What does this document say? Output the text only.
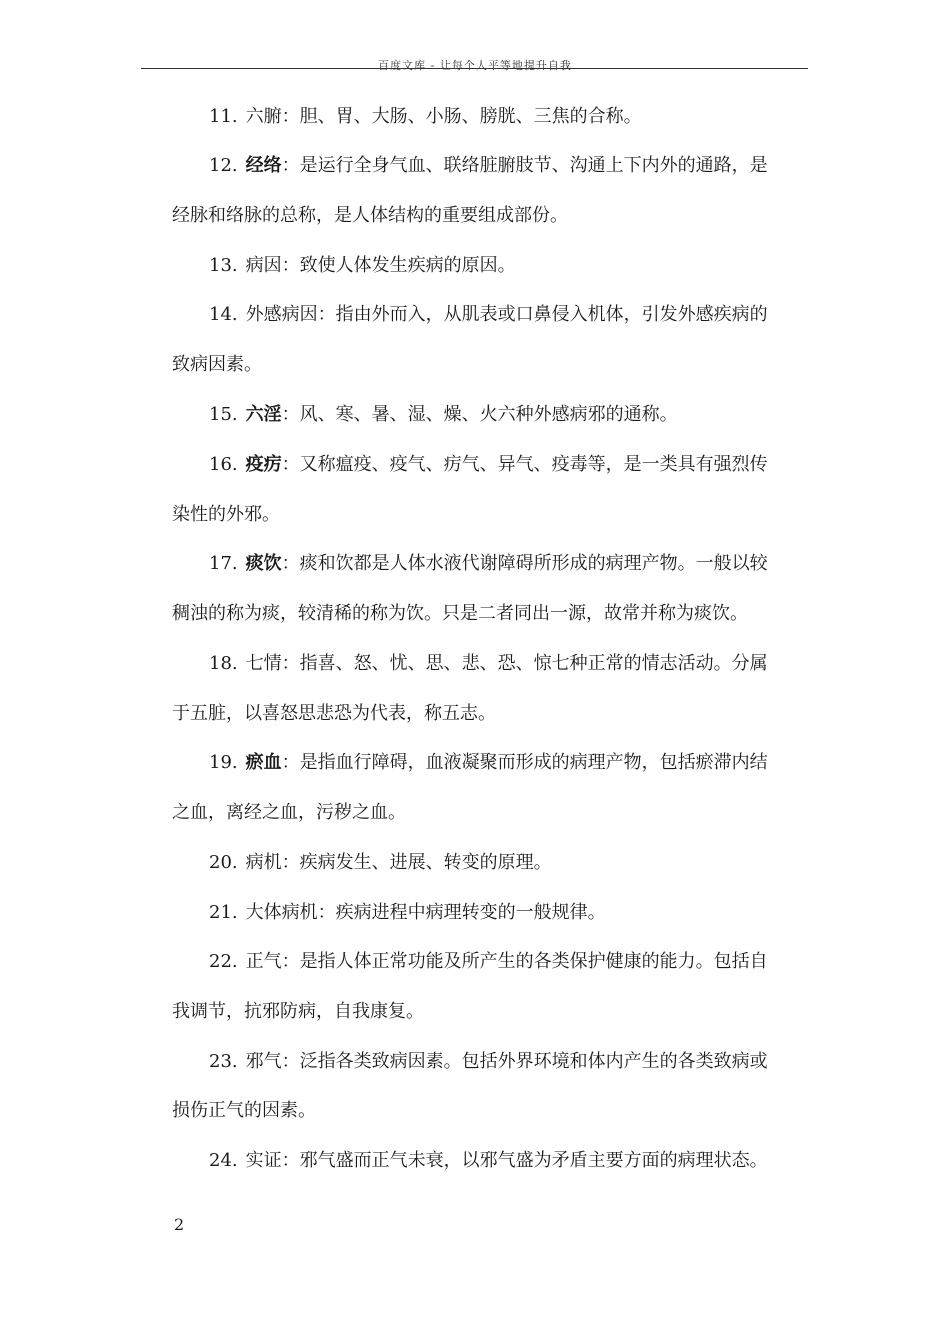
百度文库 - 让每个人平等地提升自我
11. 六腑：胆、胃、大肠、小肠、膀胱、三焦的合称。
12. 经络：是运行全身气血、联络脏腑肢节、沟通上下内外的通路，是
经脉和络脉的总称，是人体结构的重要组成部份。
13. 病因：致使人体发生疾病的原因。
14. 外感病因：指由外而入，从肌表或口鼻侵入机体，引发外感疾病的
致病因素。
15. 六淫：风、寒、暑、湿、燥、火六种外感病邪的通称。
16. 疫疠：又称瘟疫、疫气、疠气、异气、疫毒等，是一类具有强烈传
染性的外邪。
17. 痰饮：痰和饮都是人体水液代谢障碍所形成的病理产物。一般以较
稠浊的称为痰，较清稀的称为饮。只是二者同出一源，故常并称为痰饮。
18. 七情：指喜、怒、忧、思、悲、恐、惊七种正常的情志活动。分属
于五脏，以喜怒思悲恐为代表，称五志。
19. 瘀血：是指血行障碍，血液凝聚而形成的病理产物，包括瘀滞内结
之血，离经之血，污秽之血。
20. 病机：疾病发生、进展、转变的原理。
21. 大体病机：疾病进程中病理转变的一般规律。
22. 正气：是指人体正常功能及所产生的各类保护健康的能力。包括自
我调节，抗邪防病，自我康复。
23. 邪气：泛指各类致病因素。包括外界环境和体内产生的各类致病或
损伤正气的因素。
24. 实证：邪气盛而正气未衰，以邪气盛为矛盾主要方面的病理状态。
2
